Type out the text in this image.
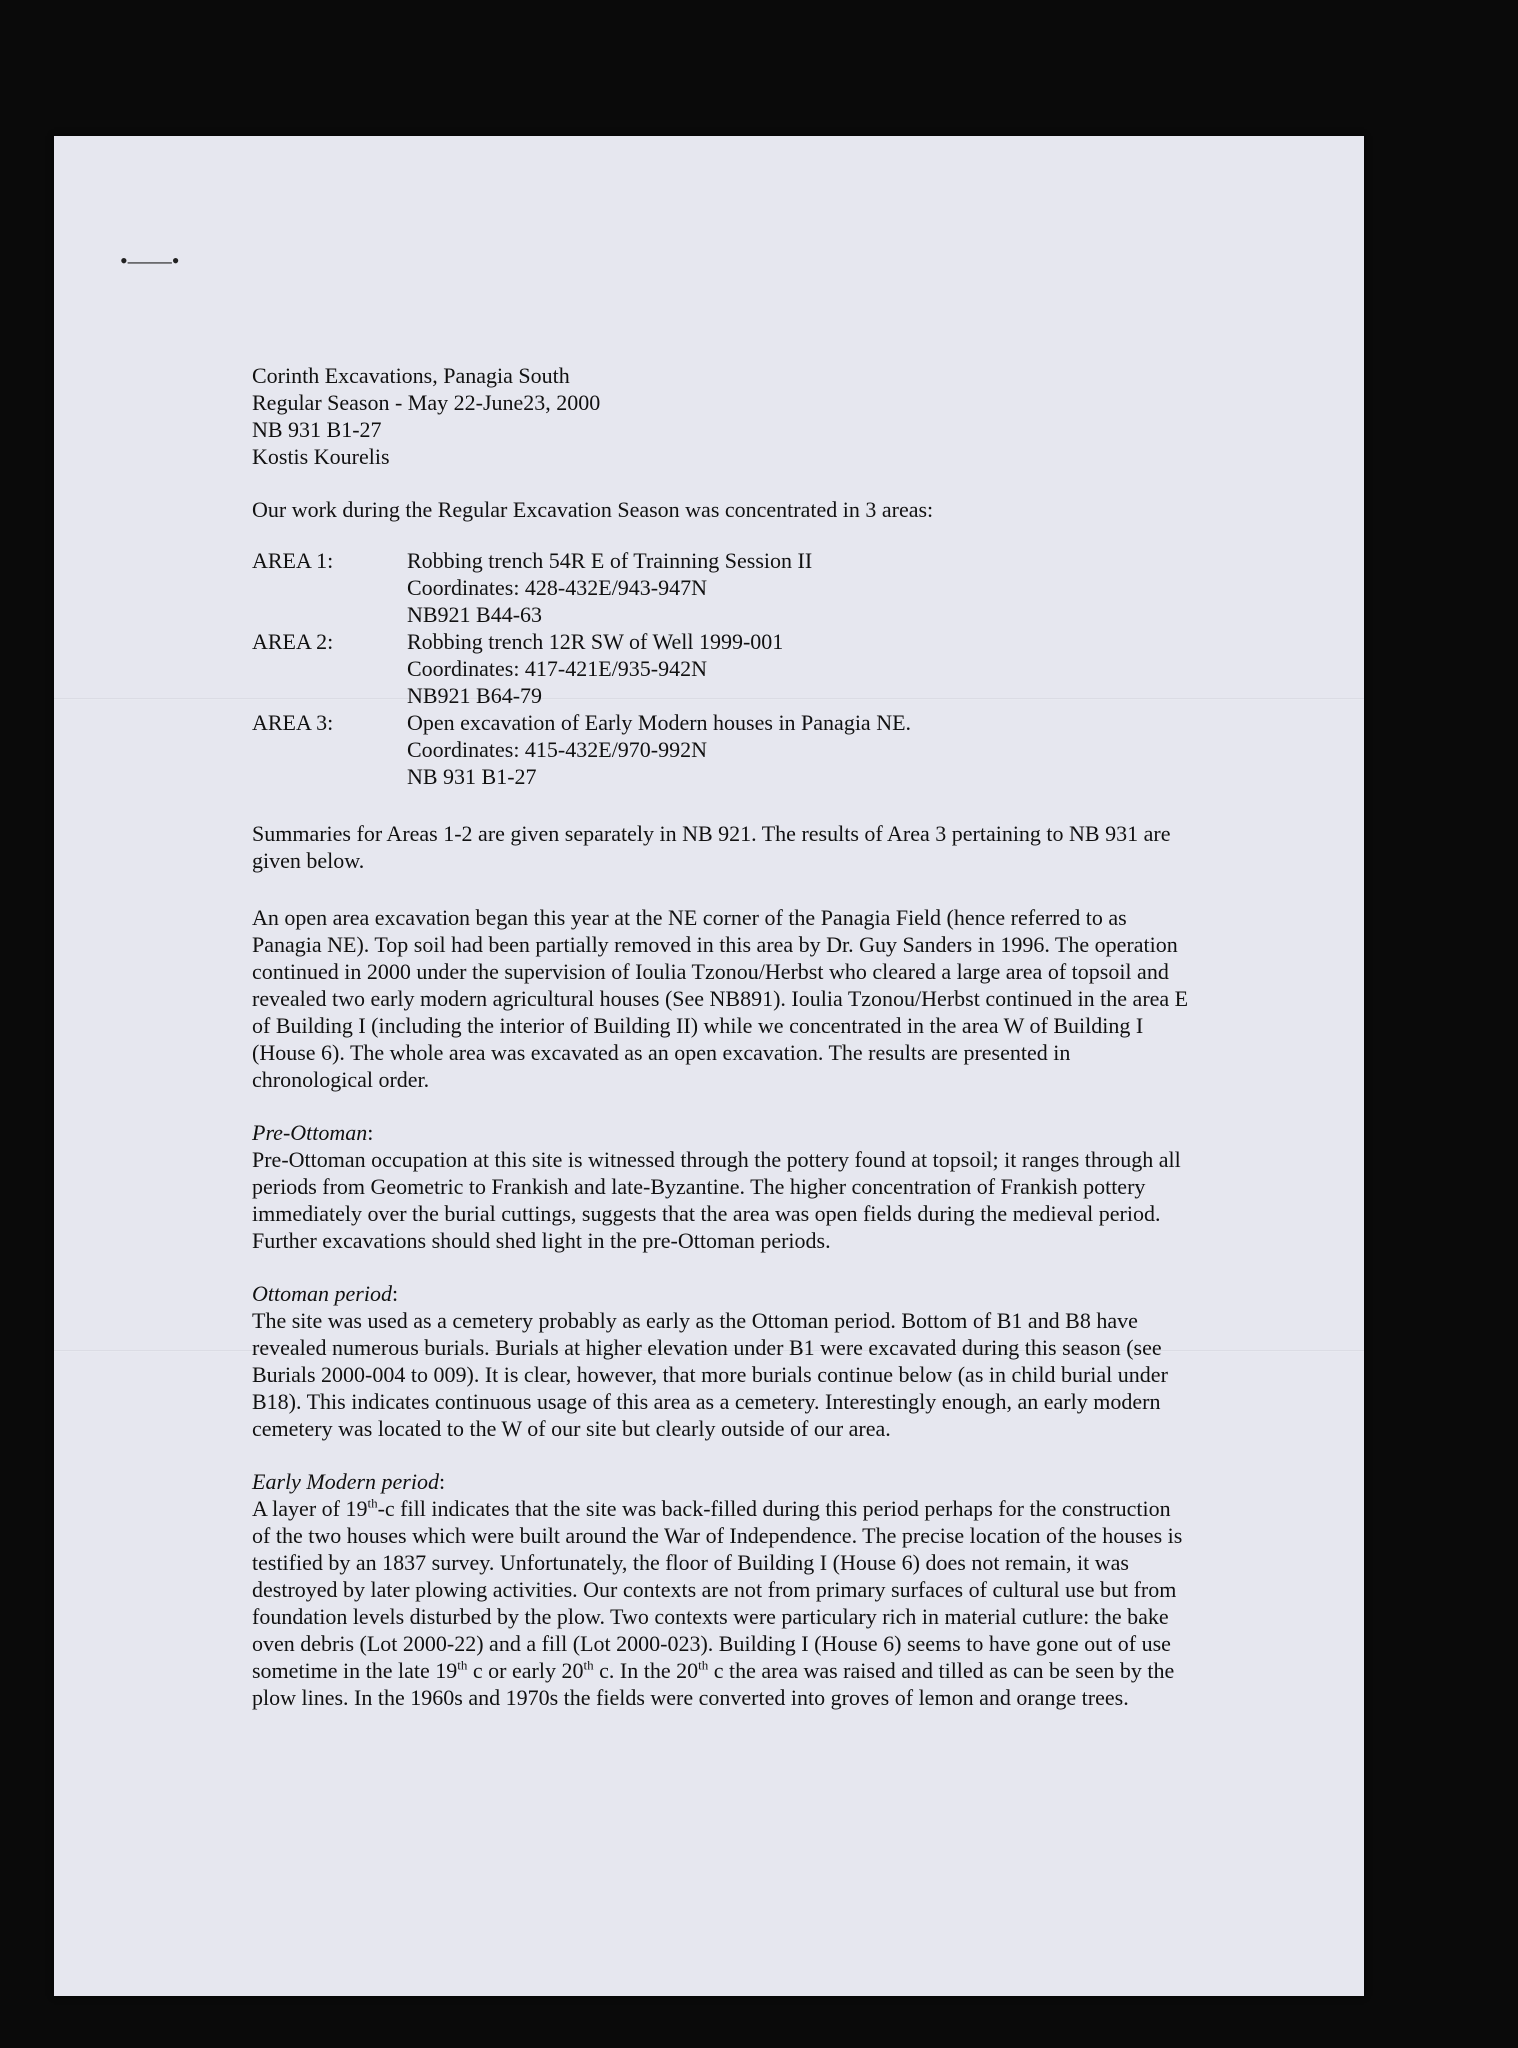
•——•

Corinth Excavations, Panagia South

Regular Season - May 22-June23, 2000

NB 931 B1-27

Kostis Kourelis

Our work during the Regular Excavation Season was concentrated in 3 areas:

AREA 1:	Robbing trench 54R E of Trainning Session II
	Coordinates: 428-432E/943-947N
	NB921 B44-63
AREA 2:	Robbing trench 12R SW of Well 1999-001
	Coordinates: 417-421E/935-942N
	NB921 B64-79
AREA 3:	Open excavation of Early Modern houses in Panagia NE.
	Coordinates: 415-432E/970-992N
	NB 931 B1-27

Summaries for Areas 1-2 are given separately in NB 921. The results of Area 3 pertaining to NB 931 are given below.

An open area excavation began this year at the NE corner of the Panagia Field (hence referred to as Panagia NE). Top soil had been partially removed in this area by Dr. Guy Sanders in 1996. The operation continued in 2000 under the supervision of Ioulia Tzonou/Herbst who cleared a large area of topsoil and revealed two early modern agricultural houses (See NB891). Ioulia Tzonou/Herbst continued in the area E of Building I (including the interior of Building II) while we concentrated in the area W of Building I (House 6). The whole area was excavated as an open excavation. The results are presented in chronological order.

Pre-Ottoman:

Pre-Ottoman occupation at this site is witnessed through the pottery found at topsoil; it ranges through all periods from Geometric to Frankish and late-Byzantine. The higher concentration of Frankish pottery immediately over the burial cuttings, suggests that the area was open fields during the medieval period. Further excavations should shed light in the pre-Ottoman periods.

Ottoman period:

The site was used as a cemetery probably as early as the Ottoman period. Bottom of B1 and B8 have revealed numerous burials. Burials at higher elevation under B1 were excavated during this season (see Burials 2000-004 to 009). It is clear, however, that more burials continue below (as in child burial under B18). This indicates continuous usage of this area as a cemetery. Interestingly enough, an early modern cemetery was located to the W of our site but clearly outside of our area.

Early Modern period:

A layer of 19th-c fill indicates that the site was back-filled during this period perhaps for the construction of the two houses which were built around the War of Independence. The precise location of the houses is testified by an 1837 survey. Unfortunately, the floor of Building I (House 6) does not remain, it was destroyed by later plowing activities. Our contexts are not from primary surfaces of cultural use but from foundation levels disturbed by the plow. Two contexts were particulary rich in material cutlure: the bake oven debris (Lot 2000-22) and a fill (Lot 2000-023). Building I (House 6) seems to have gone out of use sometime in the late 19th c or early 20th c. In the 20th c the area was raised and tilled as can be seen by the plow lines. In the 1960s and 1970s the fields were converted into groves of lemon and orange trees.
